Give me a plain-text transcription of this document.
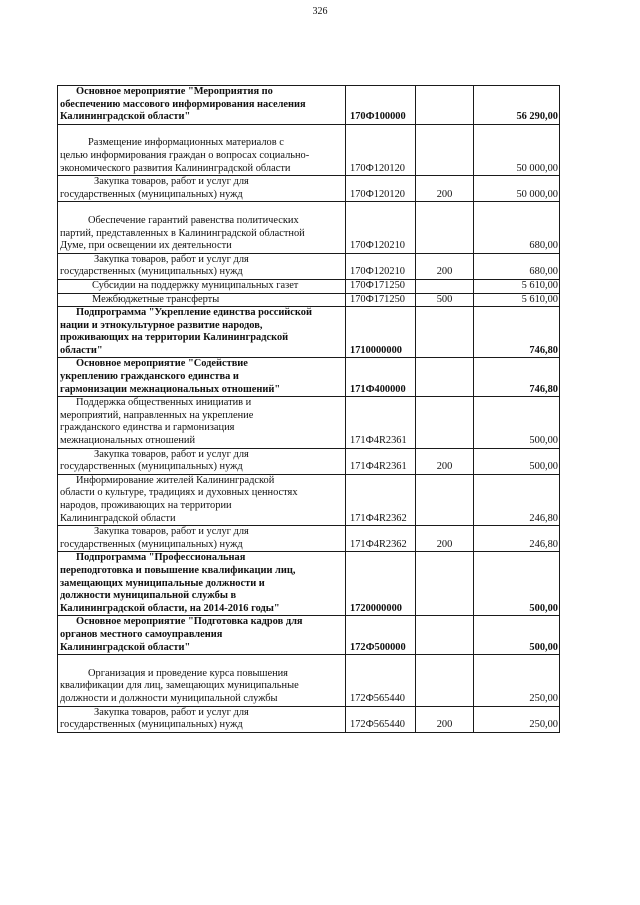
326
Основное мероприятие "Мероприятия по
обеспечению массового информирования населения
Калининградской области"	170Ф100000		56 290,00

Размещение информационных материалов с
целью информирования граждан о вопросах социально-
экономического развития Калининградской области	170Ф120120		50 000,00

Закупка товаров, работ и услуг для
государственных (муниципальных) нужд	170Ф120120	200	50 000,00

Обеспечение гарантий равенства политических
партий, представленных в Калининградской областной
Думе, при освещении их деятельности	170Ф120210		680,00

Закупка товаров, работ и услуг для
государственных (муниципальных) нужд	170Ф120210	200	680,00

Субсидии на поддержку муниципальных газет	170Ф171250		5 610,00

Межбюджетные трансферты	170Ф171250	500	5 610,00

Подпрограмма "Укрепление единства российской
нации и этнокультурное развитие народов,
проживающих на территории Калининградской
области"	1710000000		746,80

Основное мероприятие "Содействие
укреплению гражданского единства и
гармонизации межнациональных отношений"	171Ф400000		746,80

Поддержка общественных инициатив и
мероприятий, направленных на укрепление
гражданского единства и гармонизация
межнациональных отношений	171Ф4R2361		500,00

Закупка товаров, работ и услуг для
государственных (муниципальных) нужд	171Ф4R2361	200	500,00

Информирование жителей Калининградской
области о культуре, традициях и духовных ценностях
народов, проживающих на территории
Калининградской области	171Ф4R2362		246,80

Закупка товаров, работ и услуг для
государственных (муниципальных) нужд	171Ф4R2362	200	246,80

Подпрограмма "Профессиональная
переподготовка и повышение квалификации лиц,
замещающих муниципальные должности и
должности муниципальной службы в
Калининградской области, на 2014-2016 годы"	1720000000		500,00

Основное мероприятие "Подготовка кадров для
органов местного самоуправления
Калининградской области"	172Ф500000		500,00

Организация и проведение курса повышения
квалификации для лиц, замещающих муниципальные
должности и должности муниципальной службы	172Ф565440		250,00

Закупка товаров, работ и услуг для
государственных (муниципальных) нужд	172Ф565440	200	250,00
